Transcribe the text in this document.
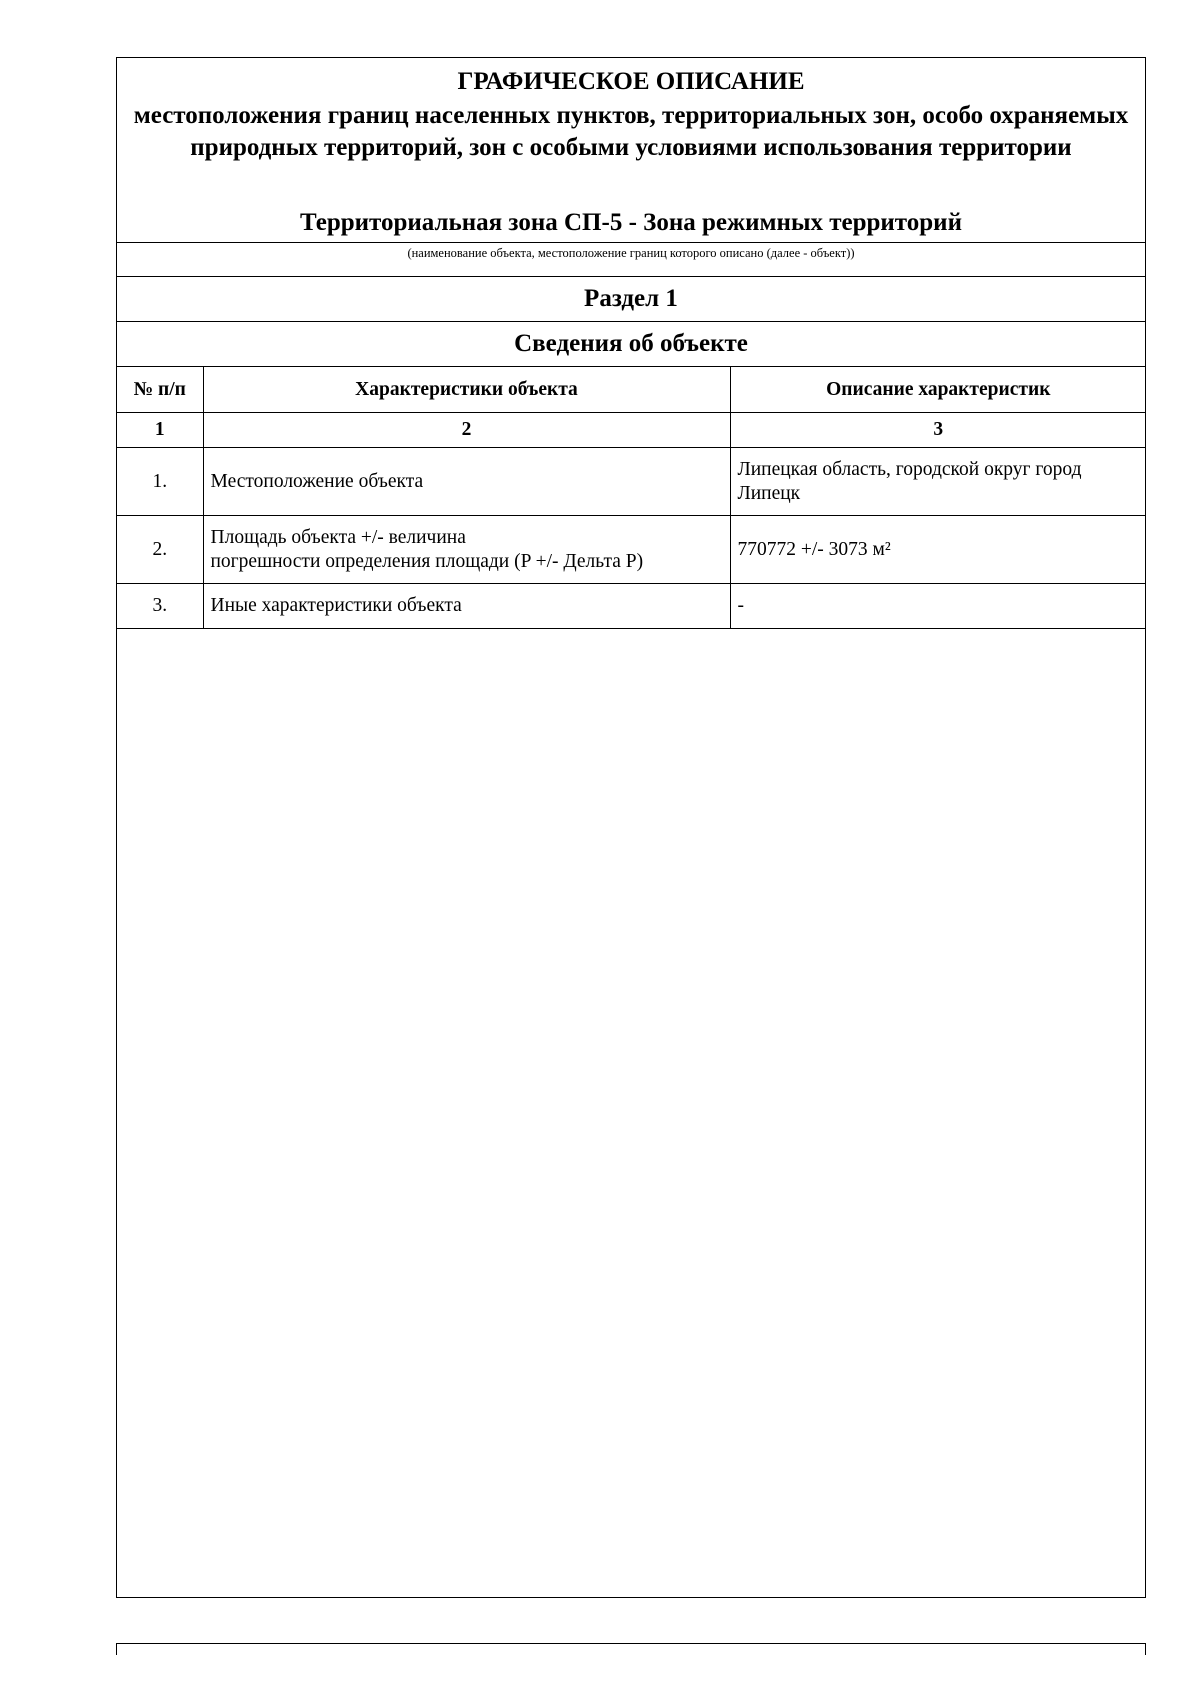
ГРАФИЧЕСКОЕ ОПИСАНИЕ
местоположения границ населенных пунктов, территориальных зон, особо охраняемых природных территорий, зон с особыми условиями использования территории
Территориальная зона СП-5 - Зона режимных территорий
(наименование объекта, местоположение границ которого описано (далее - объект))
Раздел 1
Сведения об объекте
№ п/п	Характеристики объекта	Описание характеристик
1	2	3
1.	Местоположение объекта	Липецкая область, городской округ город Липецк
2.	Площадь объекта +/- величина
погрешности определения площади (P +/- Дельта P)	770772 +/- 3073 м²
3.	Иные характеристики объекта	-
